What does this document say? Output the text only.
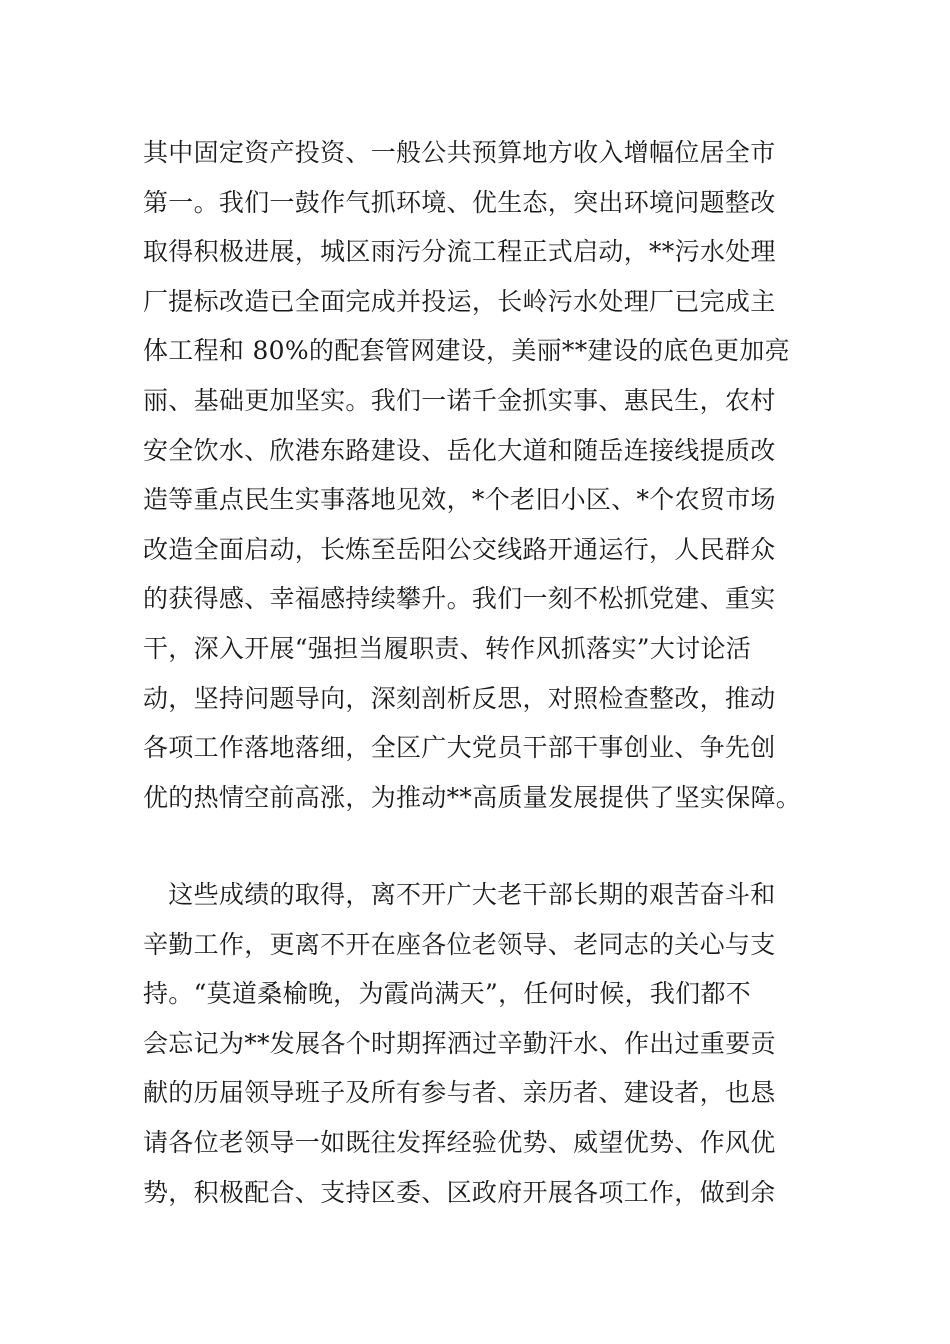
其中固定资产投资、一般公共预算地方收入增幅位居全市
第一。我们一鼓作气抓环境、优生态，突出环境问题整改
取得积极进展，城区雨污分流工程正式启动，**污水处理
厂提标改造已全面完成并投运，长岭污水处理厂已完成主
体工程和 80%的配套管网建设，美丽**建设的底色更加亮
丽、基础更加坚实。我们一诺千金抓实事、惠民生，农村
安全饮水、欣港东路建设、岳化大道和随岳连接线提质改
造等重点民生实事落地见效，*个老旧小区、*个农贸市场
改造全面启动，长炼至岳阳公交线路开通运行，人民群众
的获得感、幸福感持续攀升。我们一刻不松抓党建、重实
干，深入开展“强担当履职责、转作风抓落实”大讨论活
动，坚持问题导向，深刻剖析反思，对照检查整改，推动
各项工作落地落细，全区广大党员干部干事创业、争先创
优的热情空前高涨，为推动**高质量发展提供了坚实保障。
　这些成绩的取得，离不开广大老干部长期的艰苦奋斗和
辛勤工作，更离不开在座各位老领导、老同志的关心与支
持。“莫道桑榆晚，为霞尚满天”，任何时候，我们都不
会忘记为**发展各个时期挥洒过辛勤汗水、作出过重要贡
献的历届领导班子及所有参与者、亲历者、建设者，也恳
请各位老领导一如既往发挥经验优势、威望优势、作风优
势，积极配合、支持区委、区政府开展各项工作，做到余
